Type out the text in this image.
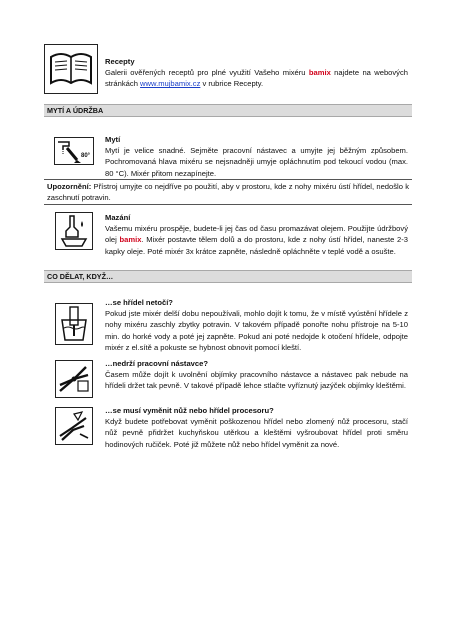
Recepty

Galerii ověřených receptů pro plné využití Vašeho mixéru bamix najdete na webových stránkách www.mujbamix.cz v rubrice Recepty.

MYTÍ A ÚDRŽBA
80°

Mytí

Mytí je velice snadné. Sejměte pracovní nástavec a umyjte jej běžným způsobem. Pochromovaná hlava mixéru se nejsnadněji umyje opláchnutím pod tekoucí vodou (max. 80 °C). Mixér přitom nezapínejte.

Upozornění: Přístroj umyjte co nejdříve po použití, aby v prostoru, kde z nohy mixéru ústí hřídel, nedošlo k zaschnutí potravin.

Mazání

Vašemu mixéru prospěje, budete-li jej čas od času promazávat olejem. Použijte údržbový olej bamix. Mixér postavte tělem dolů a do prostoru, kde z nohy ústí hřídel, naneste 2-3 kapky oleje. Poté mixér 3x krátce zapněte, následně opláchněte v teplé vodě a osušte.

CO DĚLAT, KDYŽ…

…se hřídel netočí?

Pokud jste mixér delší dobu nepoužívali, mohlo dojít k tomu, že v místě vyústění hřídele z nohy mixéru zaschly zbytky potravin. V takovém případě ponořte nohu přístroje na 5-10 min. do horké vody a poté jej zapněte. Pokud ani poté nedojde k otočení hřídele, odpojte mixér z el.sítě a pokuste se hybnost obnovit pomocí kleští.

…nedrží pracovní nástavce?

Časem může dojít k uvolnění objímky pracovního nástavce a nástavec pak nebude na hřídeli držet tak pevně. V takové případě lehce stlačte vyříznutý jazýček objímky kleštěmi.

…se musí vyměnit nůž nebo hřídel procesoru?

Když budete potřebovat vyměnit poškozenou hřídel nebo zlomený nůž procesoru, stačí nůž pevně přidržet kuchyňskou utěrkou a kleštěmi vyšroubovat hřídel proti směru hodinových ručiček. Poté již můžete nůž nebo hřídel vyměnit za nové.
